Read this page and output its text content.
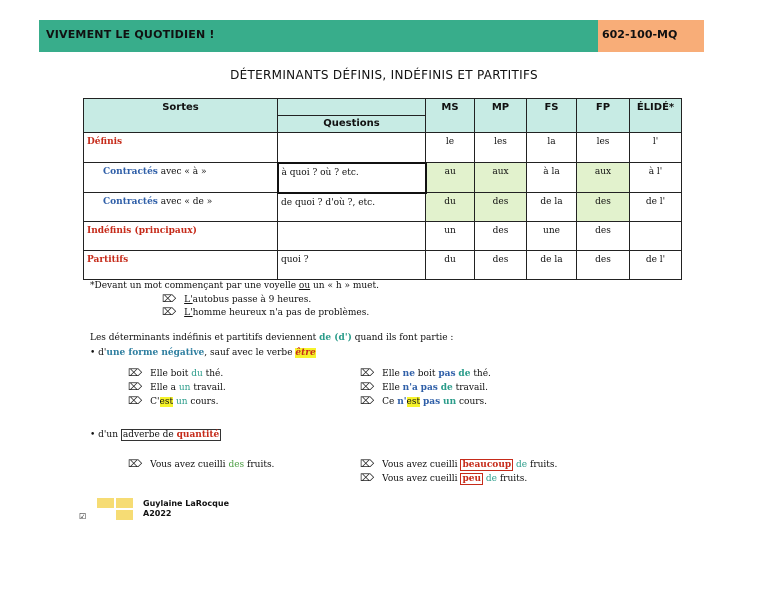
VIVEMENT LE QUOTIDIEN !	602-100-MQ
DÉTERMINANTS DÉFINIS, INDÉFINIS ET PARTITIFS
Sortes		MS	MP	FS	FP	ÉLIDÉ*
	Questions					
Définis		le	les	la	les	l'
Contractés avec « à »	à quoi ? où ? etc.	au	aux	à la	aux	à l'
Contractés avec « de »	de quoi ? d'où ?, etc.	du	des	de la	des	de l'
Indéfinis (principaux)		un	des	une	des	
Partitifs	quoi ?	du	des	de la	des	de l'
*Devant un mot commençant par une voyelle ou un « h » muet.
⌦ L'autobus passe à 9 heures.
⌦ L'homme heureux n'a pas de problèmes.
Les déterminants indéfinis et partitifs deviennent de (d') quand ils font partie :
• d'une forme négative, sauf avec le verbe être
⌦ Elle boit du thé.
⌦ Elle a un travail.
⌦ C'est un cours.
⌦ Elle ne boit pas de thé.
⌦ Elle n'a pas de travail.
⌦ Ce n'est pas un cours.
• d'un adverbe de quantité
⌦ Vous avez cueilli des fruits.	⌦ Vous avez cueilli beaucoup de fruits.
⌦ Vous avez cueilli peu de fruits.
Guylaine LaRocque
A2022
☑
